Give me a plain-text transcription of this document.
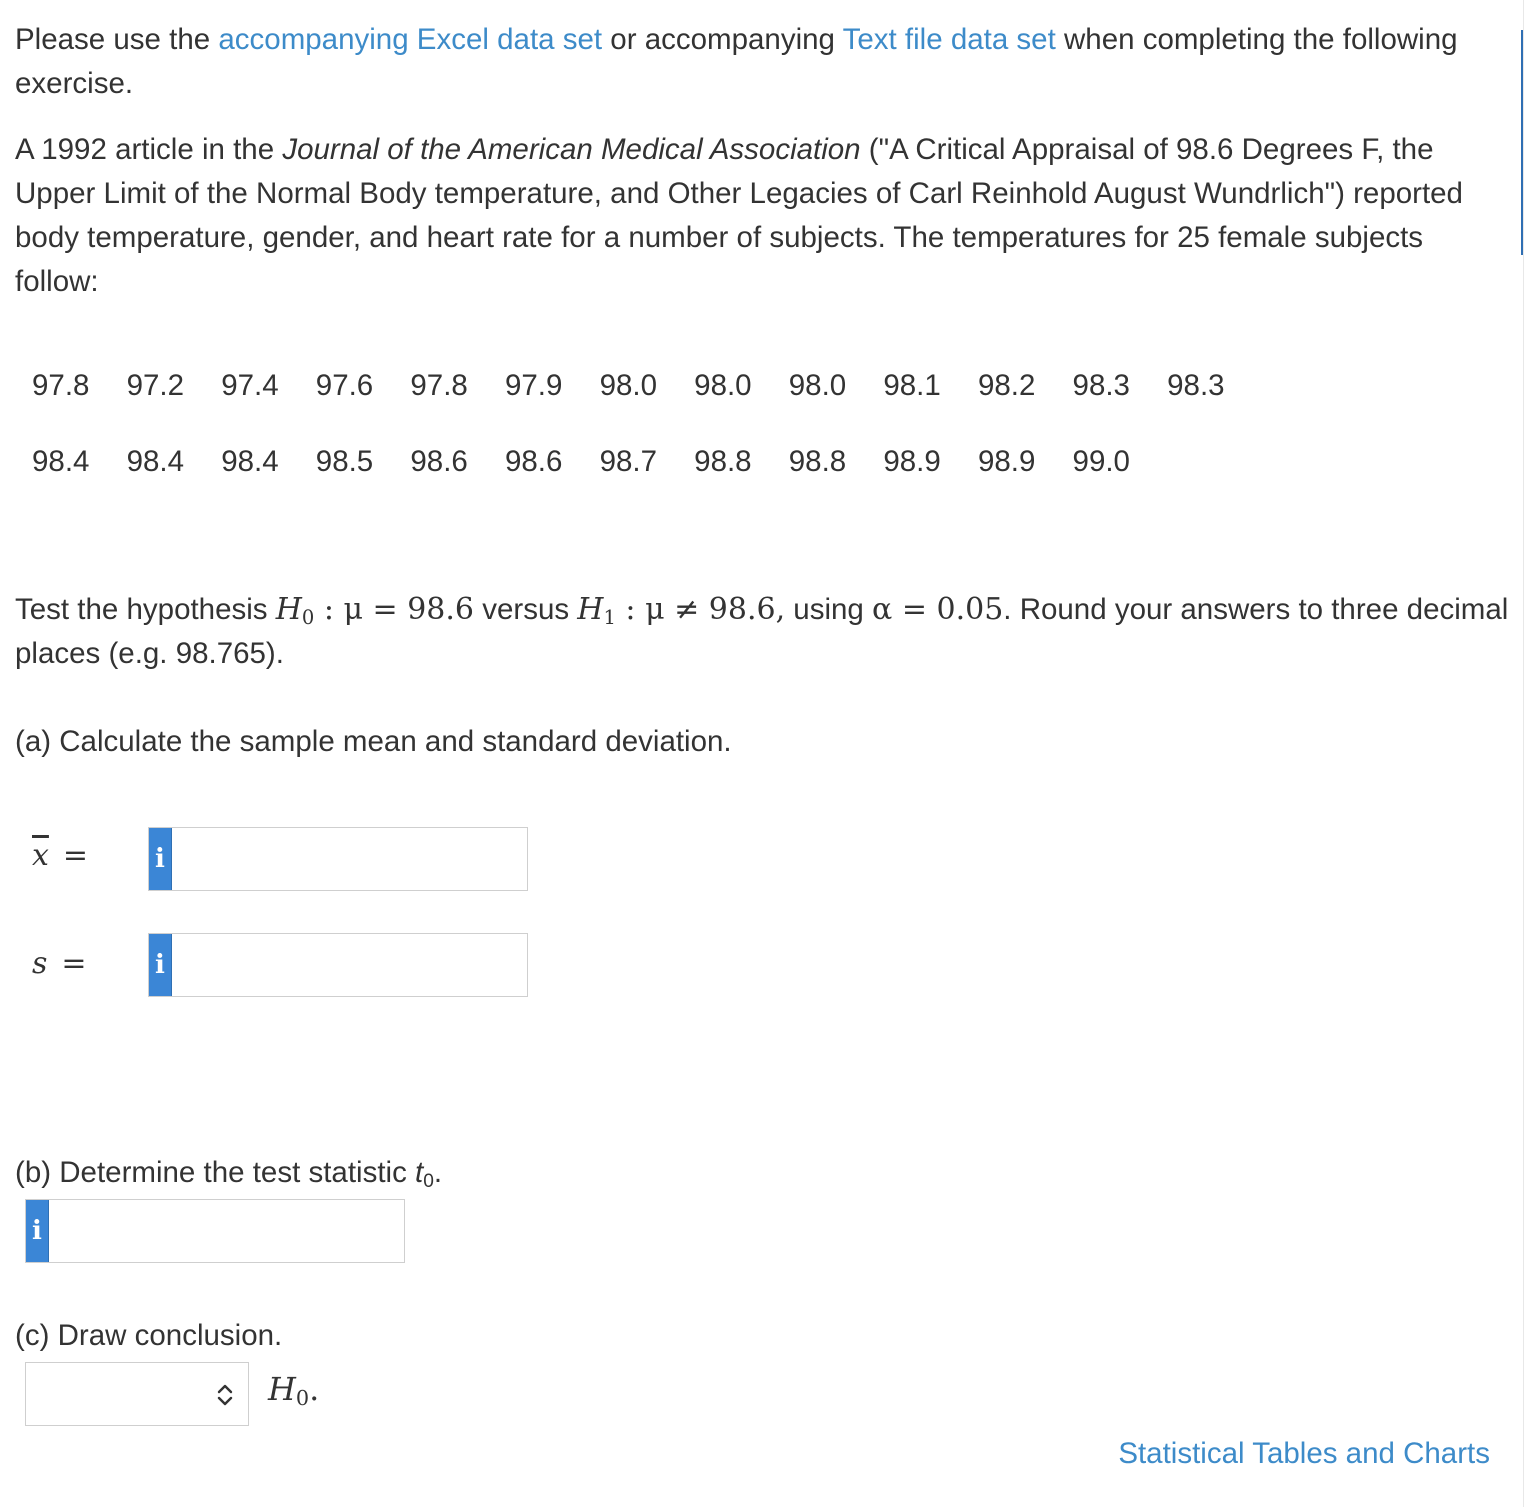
Please use the accompanying Excel data set or accompanying Text file data set when completing the following exercise.

A 1992 article in the Journal of the American Medical Association ("A Critical Appraisal of 98.6 Degrees F, the Upper Limit of the Normal Body temperature, and Other Legacies of Carl Reinhold August Wundrlich") reported body temperature, gender, and heart rate for a number of subjects. The temperatures for 25 female subjects follow:

97.8 97.2 97.4 97.6 97.8 97.9 98.0 98.0 98.0 98.1 98.2 98.3 98.3
98.4 98.4 98.4 98.5 98.6 98.6 98.7 98.8 98.8 98.9 98.9 99.0

Test the hypothesis $H_0$ : μ = 98.6 versus $H_1$ : μ ≠ 98.6, using α = 0.05. Round your answers to three decimal places (e.g. 98.765).

(a) Calculate the sample mean and standard deviation.

$\overline{x}$ =	i
s =	i

(b) Determine the test statistic $t_0$.

i

(c) Draw conclusion.

$H_0$.
Statistical Tables and Charts
